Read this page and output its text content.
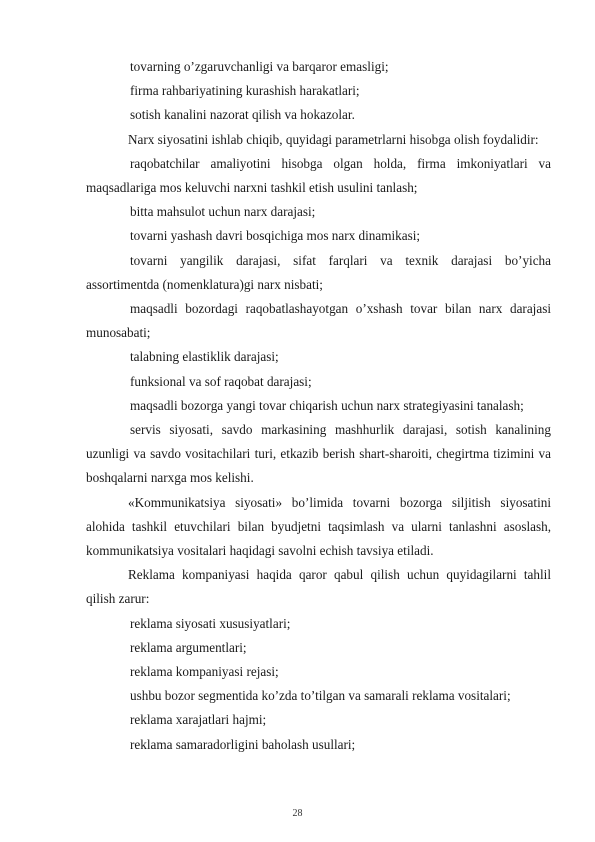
tovarning o’zgaruvchanligi va barqaror emasligi;

firma rahbariyatining kurashish harakatlari;

sotish kanalini nazorat qilish va hokazolar.

Narx siyosatini ishlab chiqib, quyidagi parametrlarni hisobga olish foydalidir:

raqobatchilar amaliyotini hisobga olgan holda, firma imkoniyatlari va maqsadlariga mos keluvchi narxni tashkil etish usulini tanlash;

bitta mahsulot uchun narx darajasi;

tovarni yashash davri bosqichiga mos narx dinamikasi;

tovarni yangilik darajasi, sifat farqlari va texnik darajasi bo’yicha assortimentda (nomenklatura)gi narx nisbati;

maqsadli bozordagi raqobatlashayotgan o’xshash tovar bilan narx darajasi munosabati;

talabning elastiklik darajasi;

funksional va sof raqobat darajasi;

maqsadli bozorga yangi tovar chiqarish uchun narx strategiyasini tanalash;

servis siyosati, savdo markasining mashhurlik darajasi, sotish kanalining uzunligi va savdo vositachilari turi, etkazib berish shart-sharoiti, chegirtma tizimini va boshqalarni narxga mos kelishi.

«Kommunikatsiya siyosati» bo’limida tovarni bozorga siljitish siyosatini alohida tashkil etuvchilari bilan byudjetni taqsimlash va ularni tanlashni asoslash, kommunikatsiya vositalari haqidagi savolni echish tavsiya etiladi.

Reklama kompaniyasi haqida qaror qabul qilish uchun quyidagilarni tahlil qilish zarur:

reklama siyosati xususiyatlari;

reklama argumentlari;

reklama kompaniyasi rejasi;

ushbu bozor segmentida ko’zda to’tilgan va samarali reklama vositalari;

reklama xarajatlari hajmi;

reklama samaradorligini baholash usullari;

28
